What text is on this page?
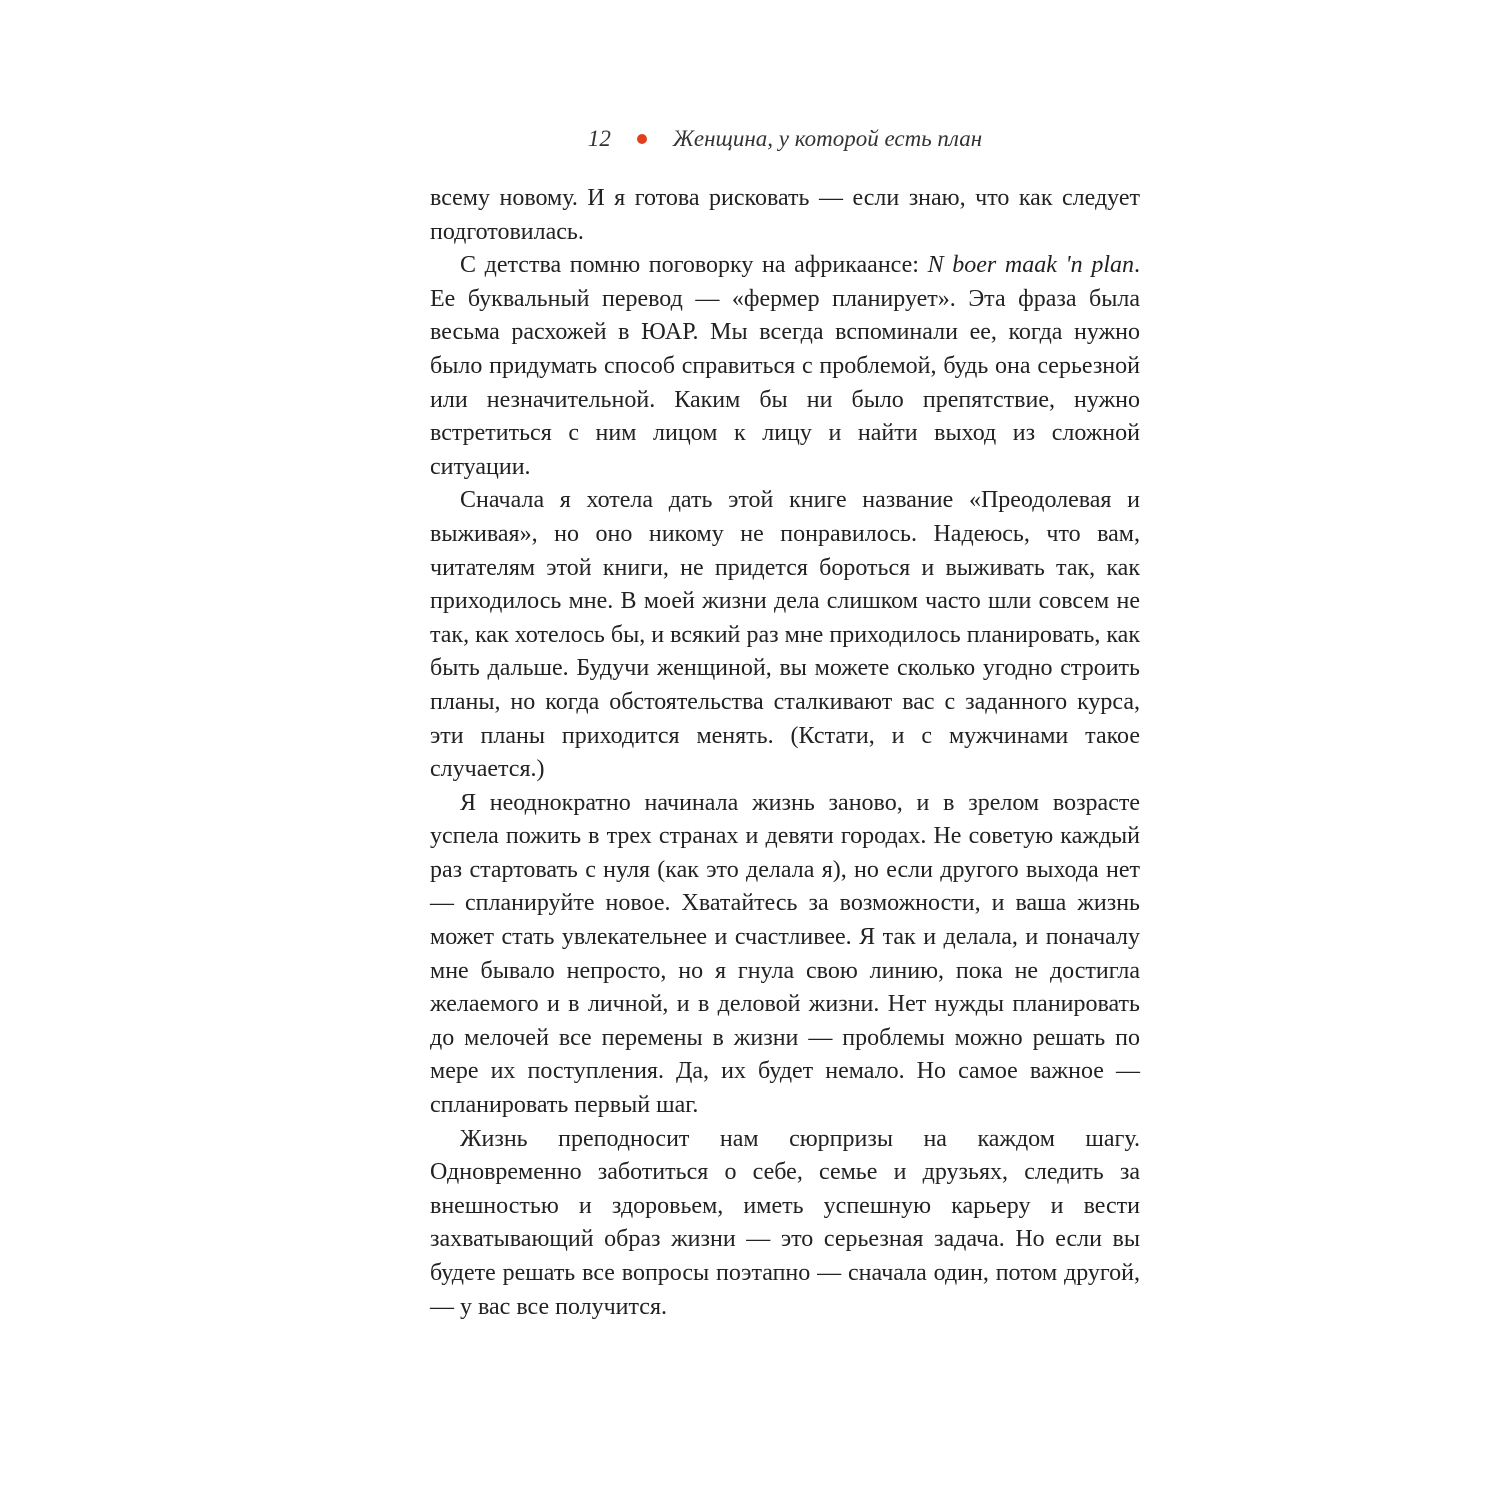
12	Женщина, у которой есть план

всему новому. И я готова рисковать — если знаю, что как следует подготовилась.

С детства помню поговорку на африкаансе: N boer maak 'n plan. Ее буквальный перевод — «фермер планирует». Эта фраза была весьма расхожей в ЮАР. Мы всегда вспоминали ее, когда нужно было придумать способ справиться с проблемой, будь она серьезной или незначительной. Каким бы ни было препятствие, нужно встретиться с ним лицом к лицу и найти выход из сложной ситуации.

Сначала я хотела дать этой книге название «Преодолевая и выживая», но оно никому не понравилось. Надеюсь, что вам, читателям этой книги, не придется бороться и выживать так, как приходилось мне. В моей жизни дела слишком часто шли совсем не так, как хотелось бы, и всякий раз мне приходилось планировать, как быть дальше. Будучи женщиной, вы можете сколько угодно строить планы, но когда обстоятельства сталкивают вас с заданного курса, эти планы приходится менять. (Кстати, и с мужчинами такое случается.)

Я неоднократно начинала жизнь заново, и в зрелом возрасте успела пожить в трех странах и девяти городах. Не советую каждый раз стартовать с нуля (как это делала я), но если другого выхода нет — спланируйте новое. Хватайтесь за возможности, и ваша жизнь может стать увлекательнее и счастливее. Я так и делала, и поначалу мне бывало непросто, но я гнула свою линию, пока не достигла желаемого и в личной, и в деловой жизни. Нет нужды планировать до мелочей все перемены в жизни — проблемы можно решать по мере их поступления. Да, их будет немало. Но самое важное — спланировать первый шаг.

Жизнь преподносит нам сюрпризы на каждом шагу. Одновременно заботиться о себе, семье и друзьях, следить за внешностью и здоровьем, иметь успешную карьеру и вести захватывающий образ жизни — это серьезная задача. Но если вы будете решать все вопросы поэтапно — сначала один, потом другой, — у вас все получится.
